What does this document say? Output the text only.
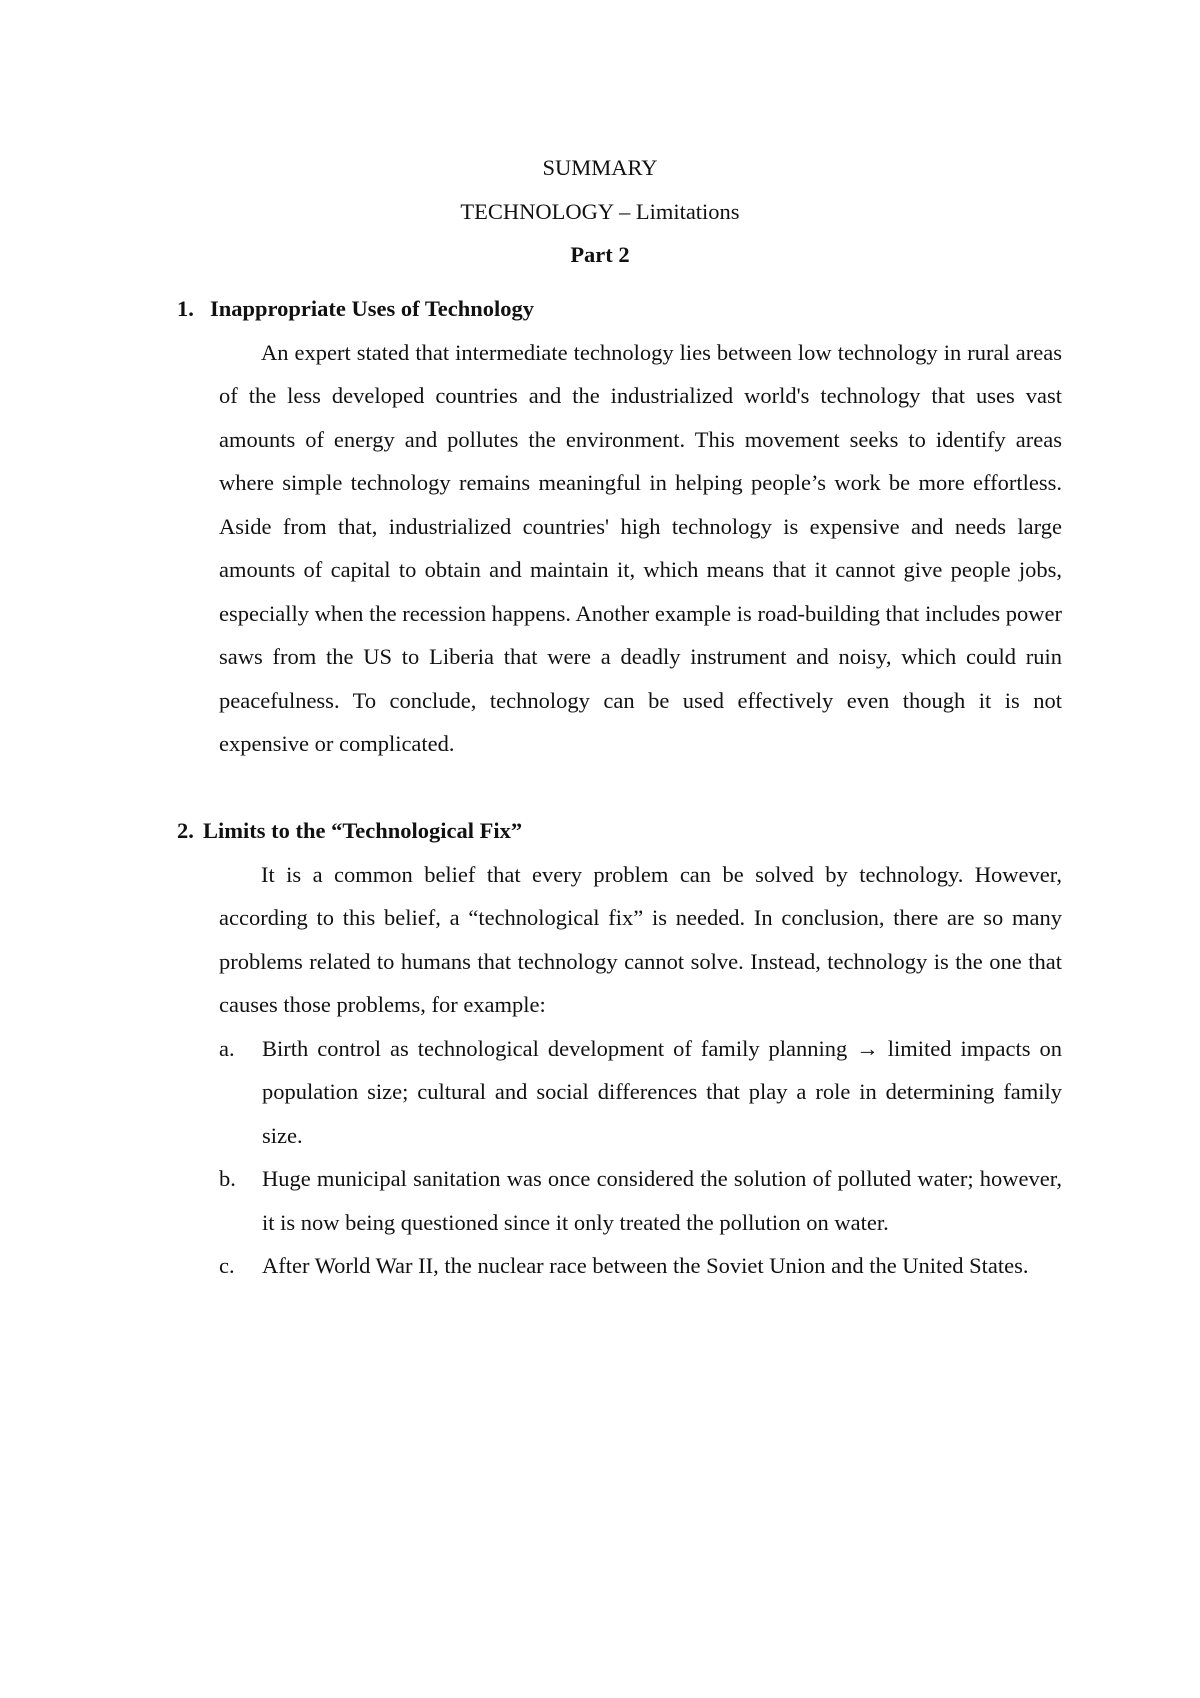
SUMMARY
TECHNOLOGY – Limitations
Part 2
1. Inappropriate Uses of Technology
An expert stated that intermediate technology lies between low technology in rural areas of the less developed countries and the industrialized world's technology that uses vast amounts of energy and pollutes the environment. This movement seeks to identify areas where simple technology remains meaningful in helping people’s work be more effortless. Aside from that, industrialized countries' high technology is expensive and needs large amounts of capital to obtain and maintain it, which means that it cannot give people jobs, especially when the recession happens. Another example is road-building that includes power saws from the US to Liberia that were a deadly instrument and noisy, which could ruin peacefulness. To conclude, technology can be used effectively even though it is not expensive or complicated.
2. Limits to the “Technological Fix”
It is a common belief that every problem can be solved by technology. However, according to this belief, a “technological fix” is needed. In conclusion, there are so many problems related to humans that technology cannot solve. Instead, technology is the one that causes those problems, for example:
a. Birth control as technological development of family planning → limited impacts on population size; cultural and social differences that play a role in determining family size.
b. Huge municipal sanitation was once considered the solution of polluted water; however, it is now being questioned since it only treated the pollution on water.
c. After World War II, the nuclear race between the Soviet Union and the United States.
